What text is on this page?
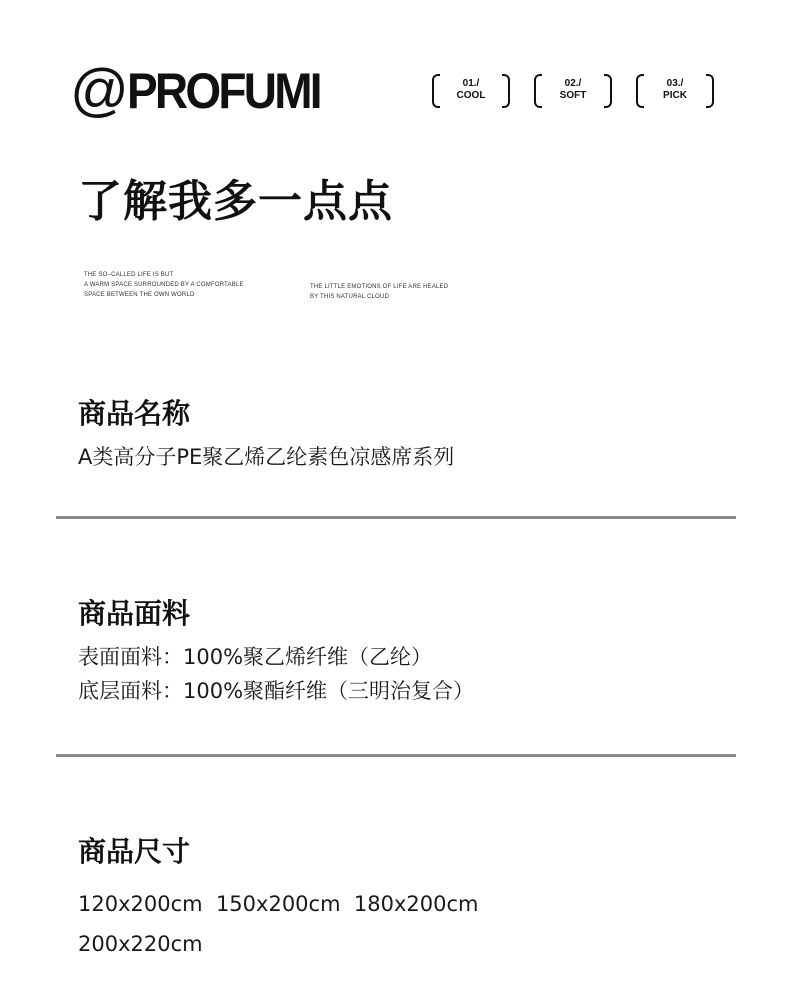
@ PROFUMI	01./
COOL
02./
SOFT
03./
PICK
了解我多一点点
THE SO–CALLED LIFE IS BUT
A WARM SPACE SURROUNDED BY A COMFORTABLE
SPACE BETWEEN THE OWN WORLD
THE LITTLE EMOTIONS OF LIFE ARE HEALED
BY THIS NATURAL CLOUD
商品名称
A类高分子PE聚乙烯乙纶素色凉感席系列
商品面料
表面面料：100%聚乙烯纤维（乙纶）
底层面料：100%聚酯纤维（三明治复合）
商品尺寸
120x200cm  150x200cm  180x200cm
200x220cm
